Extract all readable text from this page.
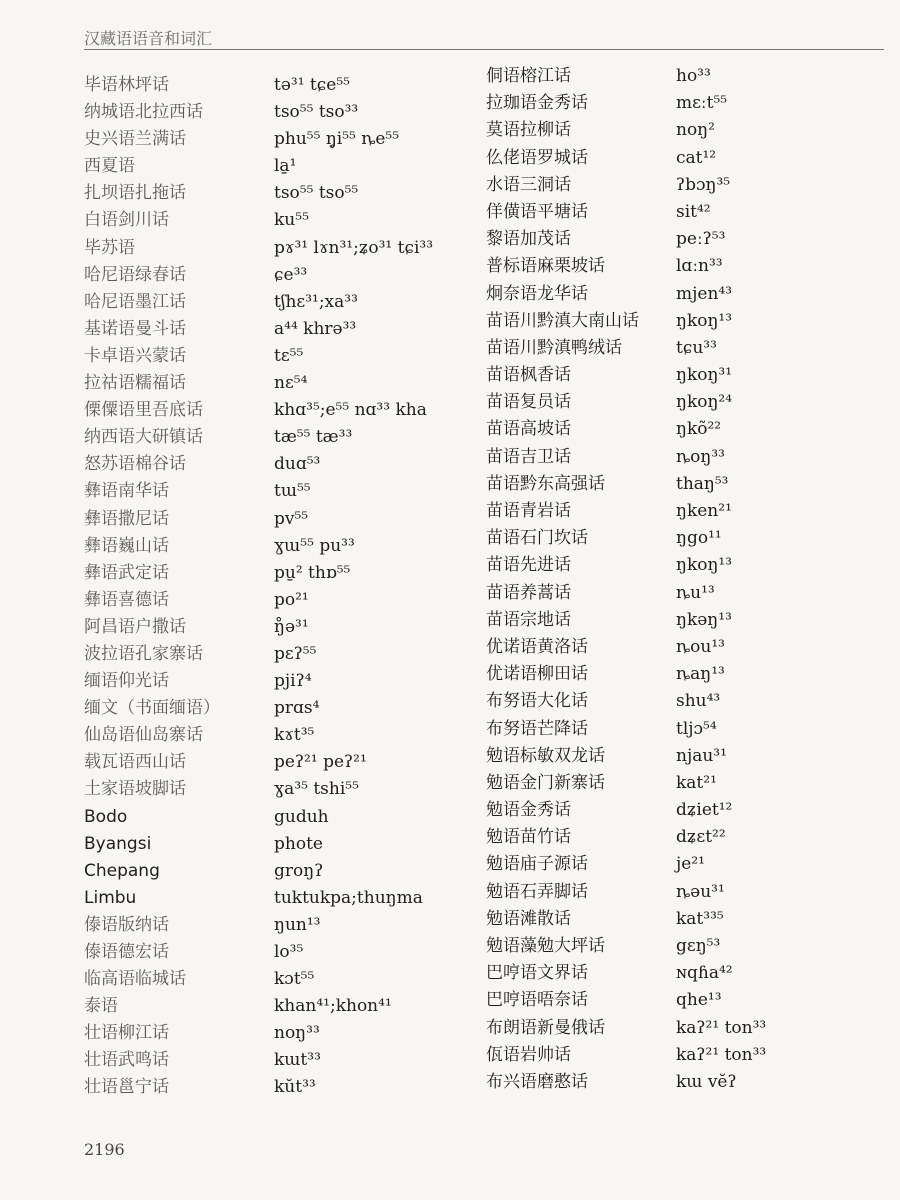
汉藏语语音和词汇
毕语林坪话	tə³¹ tɕe⁵⁵
纳城语北拉西话	tso⁵⁵ tso³³
史兴语兰满话	phu⁵⁵ ŋ̥i⁵⁵ ȵe⁵⁵
西夏语	la̱¹
扎坝语扎拖话	tso⁵⁵ tso⁵⁵
白语剑川话	ku⁵⁵
毕苏语	pɤ³¹ lɤn³¹;ʑo³¹ tɕi³³
哈尼语绿春话	ɕe³³
哈尼语墨江话	tʃhɛ³¹;xa³³
基诺语曼斗话	a⁴⁴ khrə³³
卡卓语兴蒙话	tɛ⁵⁵
拉祜语糯福话	nɛ⁵⁴
傈僳语里吾底话	khɑ³⁵;e⁵⁵ nɑ³³ kha
纳西语大研镇话	tæ⁵⁵ tæ³³
怒苏语棉谷话	duɑ⁵³
彝语南华话	tɯ⁵⁵
彝语撒尼话	pv⁵⁵
彝语巍山话	ɣɯ⁵⁵ pu³³
彝语武定话	pu̱² thɒ⁵⁵
彝语喜德话	po²¹
阿昌语户撒话	ŋ̊ə³¹
波拉语孔家寨话	pɛʔ⁵⁵
缅语仰光话	pjiʔ⁴
缅文（书面缅语）	prɑs⁴
仙岛语仙岛寨话	kɤt³⁵
载瓦语西山话	peʔ²¹ peʔ²¹
土家语坡脚话	ɣa³⁵ tshi⁵⁵
Bodo	guduh
Byangsi	phote
Chepang	groŋʔ
Limbu	tuktukpa;thuŋma
傣语版纳话	ŋun¹³
傣语德宏话	lo³⁵
临高语临城话	kɔt⁵⁵
泰语	khan⁴¹;khon⁴¹
壮语柳江话	noŋ³³
壮语武鸣话	kɯt³³
壮语邕宁话	kŭt³³
侗语榕江话	ho³³
拉珈语金秀话	mɛːt⁵⁵
莫语拉柳话	noŋ²
仫佬语罗城话	cat¹²
水语三洞话	ʔbɔŋ³⁵
佯僙语平塘话	sit⁴²
黎语加茂话	peːʔ⁵³
普标语麻栗坡话	lɑːn³³
炯奈语龙华话	mjen⁴³
苗语川黔滇大南山话 ŋkoŋ¹³
苗语川黔滇鸭绒话	tɕu³³
苗语枫香话	ŋkoŋ³¹
苗语复员话	ŋkoŋ²⁴
苗语高坡话	ŋkõ²²
苗语吉卫话	ȵoŋ³³
苗语黔东高强话	thaŋ⁵³
苗语青岩话	ŋken²¹
苗语石门坎话	ŋgo¹¹
苗语先进话	ŋkoŋ¹³
苗语养蒿话	ȵu¹³
苗语宗地话	ŋkəŋ¹³
优诺语黄洛话	ȵou¹³
优诺语柳田话	ȵaŋ¹³
布努语大化话	shu⁴³
布努语芒降话	tljɔ⁵⁴
勉语标敏双龙话	njau³¹
勉语金门新寨话	kat²¹
勉语金秀话	dʑiet¹²
勉语苗竹话	dʑɛt²²
勉语庙子源话	je²¹
勉语石弄脚话	ȵəu³¹
勉语滩散话	kat³³⁵
勉语藻勉大坪话	gɛŋ⁵³
巴哼语文界话	ɴqɦa⁴²
巴哼语唔奈话	qhe¹³
布朗语新曼俄话	kaʔ²¹ ton³³
佤语岩帅话	kaʔ²¹ ton³³
布兴语磨憨话	kɯ vĕʔ
2196
